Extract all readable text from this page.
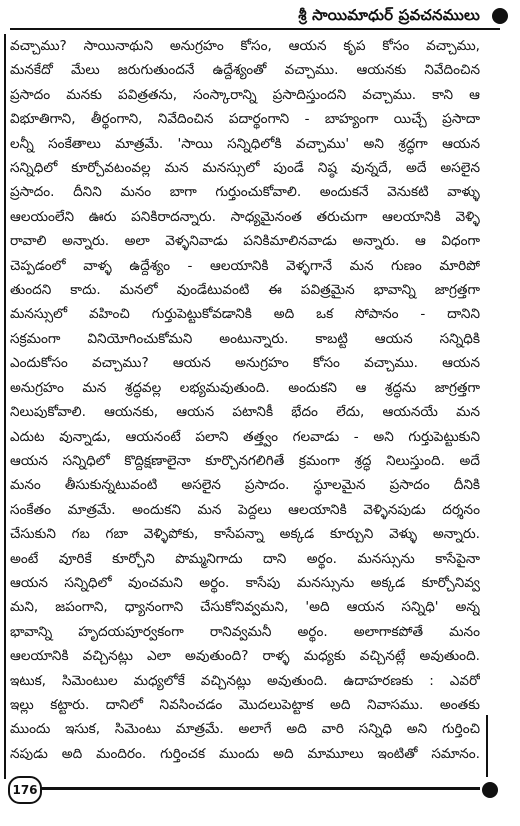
శ్రీ సాయిమాధుర్ ప్రవచనములు
వచ్చాము? సాయినాథుని అనుగ్రహం కోసం, ఆయన కృప కోసం వచ్చాము,
మనకేదో మేలు జరుగుతుందనే ఉద్దేశ్యంతో వచ్చాము. ఆయనకు నివేదించిన
ప్రసాదం మనకు పవిత్రతను, సంస్కారాన్ని ప్రసాదిస్తుందని వచ్చాము. కాని ఆ
విభూతిగాని, తీర్థంగాని, నివేదించిన పదార్థంగాని - బాహ్యంగా యిచ్చే ప్రసాదా
లన్నీ సంకేతాలు మాత్రమే. 'సాయి సన్నిధిలోకి వచ్చాము' అని శ్రద్ధగా ఆయన
సన్నిధిలో కూర్చోవటంవల్ల మన మనస్సులో పుండే నిష్ఠ వున్నదే, అదే అసలైన
ప్రసాదం. దీనిని మనం బాగా గుర్తుంచుకోవాలి. అందుకనే వెనుకటి వాళ్ళు
ఆలయంలేని ఊరు పనికిరాదన్నారు. సాధ్యమైనంత తరుచుగా ఆలయానికి వెళ్ళి
రావాలి అన్నారు. అలా వెళ్ళనివాడు పనికిమాలినవాడు అన్నారు. ఆ విధంగా
చెప్పడంలో వాళ్ళ ఉద్దేశ్యం - ఆలయానికి వెళ్ళగానే మన గుణం మారిపో
తుందని కాదు. మనలో వుండేటువంటి ఈ పవిత్రమైన భావాన్ని జాగ్రత్తగా
మనస్సులో వహించి గుర్తుపెట్టుకోవడానికి అది ఒక సోపానం - దానిని
సక్రమంగా వినియోగించుకోమని అంటున్నారు. కాబట్టి ఆయన సన్నిధికి
ఎందుకోసం వచ్చాము? ఆయన అనుగ్రహం కోసం వచ్చాము. ఆయన
అనుగ్రహం మన శ్రద్ధవల్ల లభ్యమవుతుంది. అందుకని ఆ శ్రద్ధను జాగ్రత్తగా
నిలుపుకోవాలి. ఆయనకు, ఆయన పటానికీ భేదం లేదు, ఆయనయే మన
ఎదుట వున్నాడు, ఆయనంటే పలాని తత్త్వం గలవాడు - అని గుర్తుపెట్టుకుని
ఆయన సన్నిధిలో కొద్దిక్షణాలైనా కూర్చొనగలిగితే క్రమంగా శ్రద్ధ నిలుస్తుంది. అదే
మనం తీసుకున్నటువంటి అసలైన ప్రసాదం. స్థూలమైన ప్రసాదం దీనికి
సంకేతం మాత్రమే. అందుకని మన పెద్దలు ఆలయానికి వెళ్ళినపుడు దర్శనం
చేసుకుని గబ గబా వెళ్ళిపోకు, కాసేపన్నా అక్కడ కూర్చుని వెళ్ళు అన్నారు.
అంటే వూరికే కూర్చోని పొమ్మనిగాదు దాని అర్థం. మనస్సును కాసేపైనా
ఆయన సన్నిధిలో వుంచమని అర్థం. కాసేపు మనస్సును అక్కడ కూర్చోనివ్వ
మని, జపంగాని, ధ్యానంగాని చేసుకోనివ్వమని, 'అది ఆయన సన్నిధి' అన్న
భావాన్ని హృదయపూర్వకంగా రానివ్వమనీ అర్థం. అలాగాకపోతే మనం
ఆలయానికి వచ్చినట్లు ఎలా అవుతుంది? రాళ్ళ మధ్యకు వచ్చినట్లే అవుతుంది.
ఇటుక, సిమెంటుల మధ్యలోకే వచ్చినట్లు అవుతుంది. ఉదాహరణకు : ఎవరో
ఇల్లు కట్టారు. దానిలో నివసించడం మొదలుపెట్టాక అది నివాసము. అంతకు
ముందు ఇసుక, సిమెంటు మాత్రమే. అలాగే అది వారి సన్నిధి అని గుర్తించి
నపుడు అది మందిరం. గుర్తించక ముందు అది మామూలు ఇంటితో సమానం.
176
